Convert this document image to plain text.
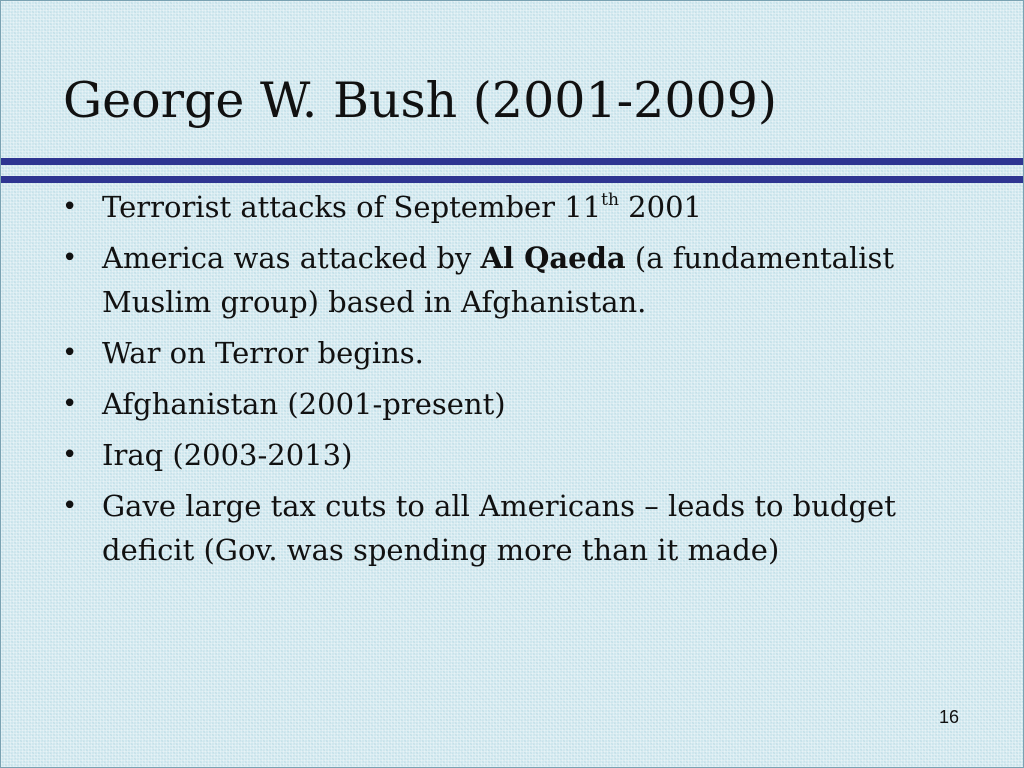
George W. Bush (2001-2009)
• Terrorist attacks of September 11th 2001
• America was attacked by Al Qaeda (a fundamentalist Muslim group) based in Afghanistan.
• War on Terror begins.
• Afghanistan (2001-present)
• Iraq (2003-2013)
• Gave large tax cuts to all Americans – leads to budget deficit (Gov. was spending more than it made)
16
